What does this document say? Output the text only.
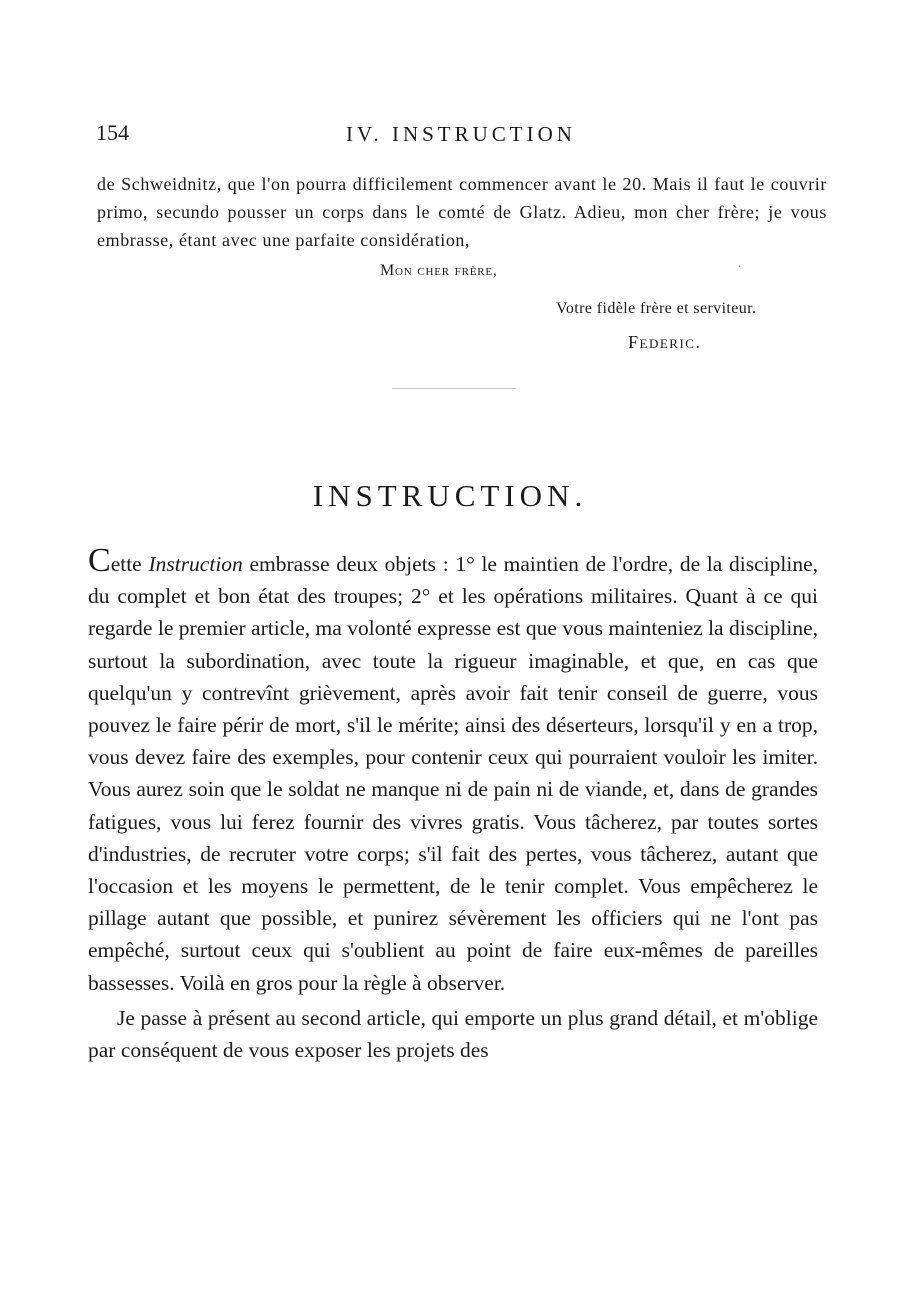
154	IV. INSTRUCTION
de Schweidnitz, que l'on pourra difficilement commencer avant le 20. Mais il faut le couvrir primo, secundo pousser un corps dans le comté de Glatz. Adieu, mon cher frère; je vous embrasse, étant avec une parfaite considération,
Mon cher frère,	·
Votre fidèle frère et serviteur.
Federic.
INSTRUCTION.

Cette Instruction embrasse deux objets : 1° le maintien de l'ordre, de la discipline, du complet et bon état des troupes; 2° et les opérations militaires. Quant à ce qui regarde le premier article, ma volonté expresse est que vous mainteniez la discipline, surtout la subordination, avec toute la rigueur imaginable, et que, en cas que quelqu'un y contrevînt grièvement, après avoir fait tenir conseil de guerre, vous pouvez le faire périr de mort, s'il le mérite; ainsi des déserteurs, lorsqu'il y en a trop, vous devez faire des exemples, pour contenir ceux qui pourraient vouloir les imiter. Vous aurez soin que le soldat ne manque ni de pain ni de viande, et, dans de grandes fatigues, vous lui ferez fournir des vivres gratis. Vous tâcherez, par toutes sortes d'industries, de recruter votre corps; s'il fait des pertes, vous tâcherez, autant que l'occasion et les moyens le permettent, de le tenir complet. Vous empêcherez le pillage autant que possible, et punirez sévèrement les officiers qui ne l'ont pas empêché, surtout ceux qui s'oublient au point de faire eux-mêmes de pareilles bassesses. Voilà en gros pour la règle à observer.

Je passe à présent au second article, qui emporte un plus grand détail, et m'oblige par conséquent de vous exposer les projets des
